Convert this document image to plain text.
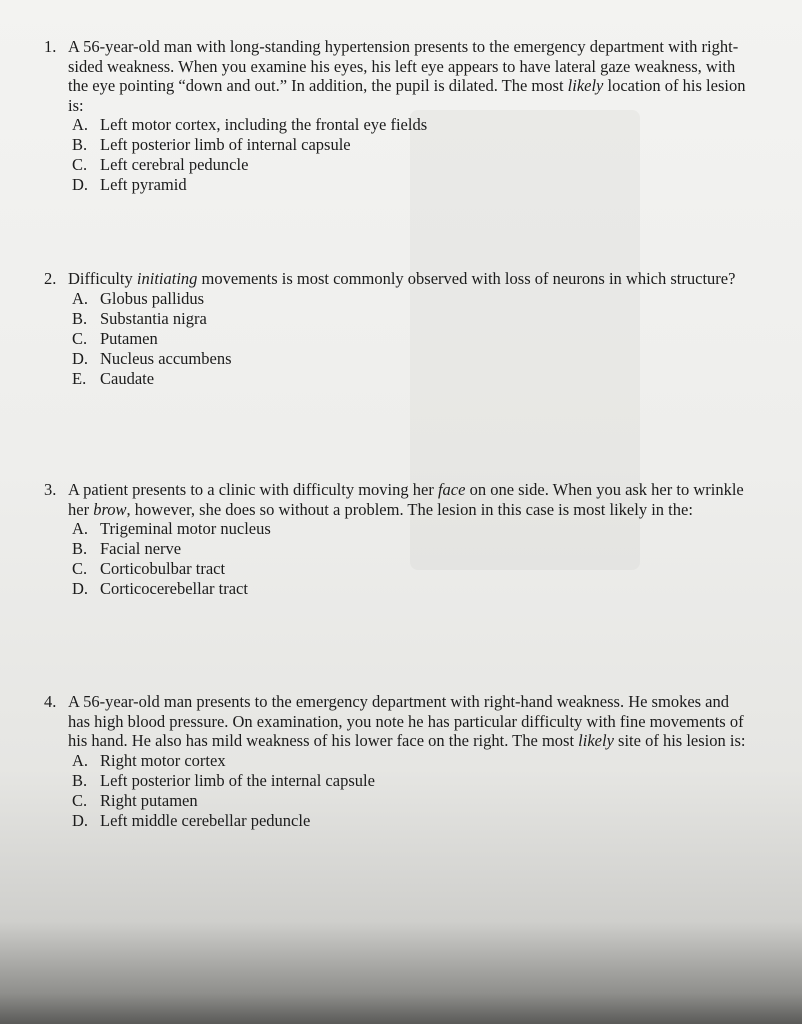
1. A 56-year-old man with long-standing hypertension presents to the emergency department with right-sided weakness. When you examine his eyes, his left eye appears to have lateral gaze weakness, with the eye pointing “down and out.” In addition, the pupil is dilated. The most likely location of his lesion is:

A. Left motor cortex, including the frontal eye fields
B. Left posterior limb of internal capsule
C. Left cerebral peduncle
D. Left pyramid
2. Difficulty initiating movements is most commonly observed with loss of neurons in which structure?

A. Globus pallidus
B. Substantia nigra
C. Putamen
D. Nucleus accumbens
E. Caudate
3. A patient presents to a clinic with difficulty moving her face on one side. When you ask her to wrinkle her brow, however, she does so without a problem. The lesion in this case is most likely in the:

A. Trigeminal motor nucleus
B. Facial nerve
C. Corticobulbar tract
D. Corticocerebellar tract
4. A 56-year-old man presents to the emergency department with right-hand weakness. He smokes and has high blood pressure. On examination, you note he has particular difficulty with fine movements of his hand. He also has mild weakness of his lower face on the right. The most likely site of his lesion is:

A. Right motor cortex
B. Left posterior limb of the internal capsule
C. Right putamen
D. Left middle cerebellar peduncle
